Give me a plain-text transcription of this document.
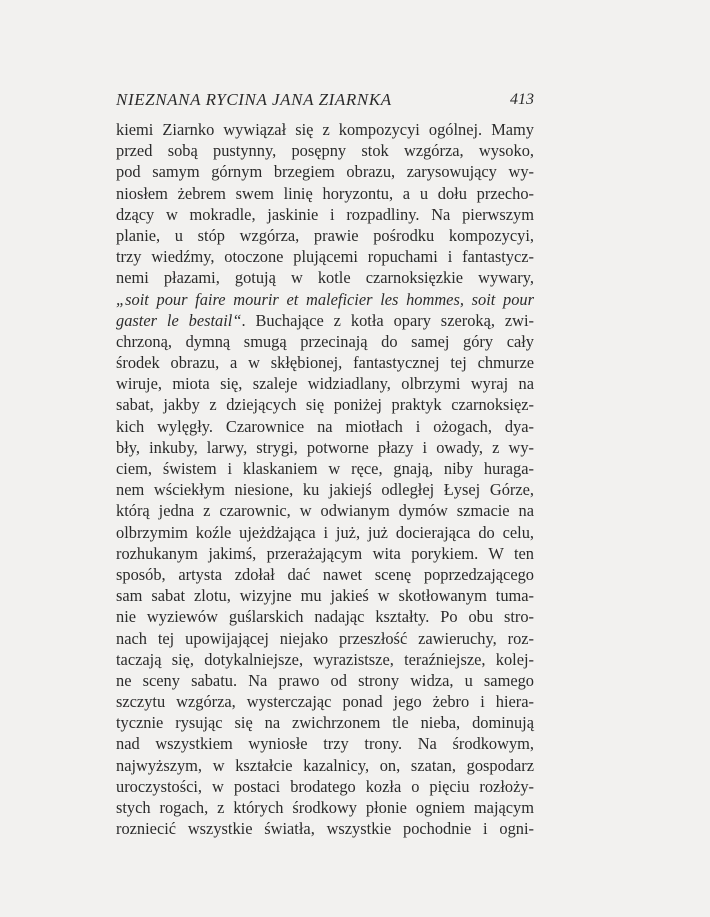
NIEZNANA RYCINA JANA ZIARNKA	413
kiemi Ziarnko wywiązał się z kompozycyi ogólnej. Mamy
przed sobą pustynny, posępny stok wzgórza, wysoko,
pod samym górnym brzegiem obrazu, zarysowujący wy-
niosłem żebrem swem linię horyzontu, a u dołu przecho-
dzący w mokradle, jaskinie i rozpadliny. Na pierwszym
planie, u stóp wzgórza, prawie pośrodku kompozycyi,
trzy wiedźmy, otoczone plującemi ropuchami i fantastycz-
nemi płazami, gotują w kotle czarnoksięzkie wywary,
„soit pour faire mourir et maleficier les hommes, soit pour
gaster le bestail“. Buchające z kotła opary szeroką, zwi-
chrzoną, dymną smugą przecinają do samej góry cały
środek obrazu, a w skłębionej, fantastycznej tej chmurze
wiruje, miota się, szaleje widziadlany, olbrzymi wyraj na
sabat, jakby z dziejących się poniżej praktyk czarnoksięz-
kich wylęgły. Czarownice na miotłach i ożogach, dya-
bły, inkuby, larwy, strygi, potworne płazy i owady, z wy-
ciem, świstem i klaskaniem w ręce, gnają, niby huraga-
nem wściekłym niesione, ku jakiejś odległej Łysej Górze,
którą jedna z czarownic, w odwianym dymów szmacie na
olbrzymim koźle ujeżdżająca i już, już docierająca do celu,
rozhukanym jakimś, przerażającym wita porykiem. W ten
sposób, artysta zdołał dać nawet scenę poprzedzającego
sam sabat zlotu, wizyjne mu jakieś w skotłowanym tuma-
nie wyziewów guślarskich nadając kształty. Po obu stro-
nach tej upowijającej niejako przeszłość zawieruchy, roz-
taczają się, dotykalniejsze, wyrazistsze, teraźniejsze, kolej-
ne sceny sabatu. Na prawo od strony widza, u samego
szczytu wzgórza, wysterczając ponad jego żebro i hiera-
tycznie rysując się na zwichrzonem tle nieba, dominują
nad wszystkiem wyniosłe trzy trony. Na środkowym,
najwyższym, w kształcie kazalnicy, on, szatan, gospodarz
uroczystości, w postaci brodatego kozła o pięciu rozłoży-
stych rogach, z których środkowy płonie ogniem mającym
rozniecić wszystkie światła, wszystkie pochodnie i ogni-
